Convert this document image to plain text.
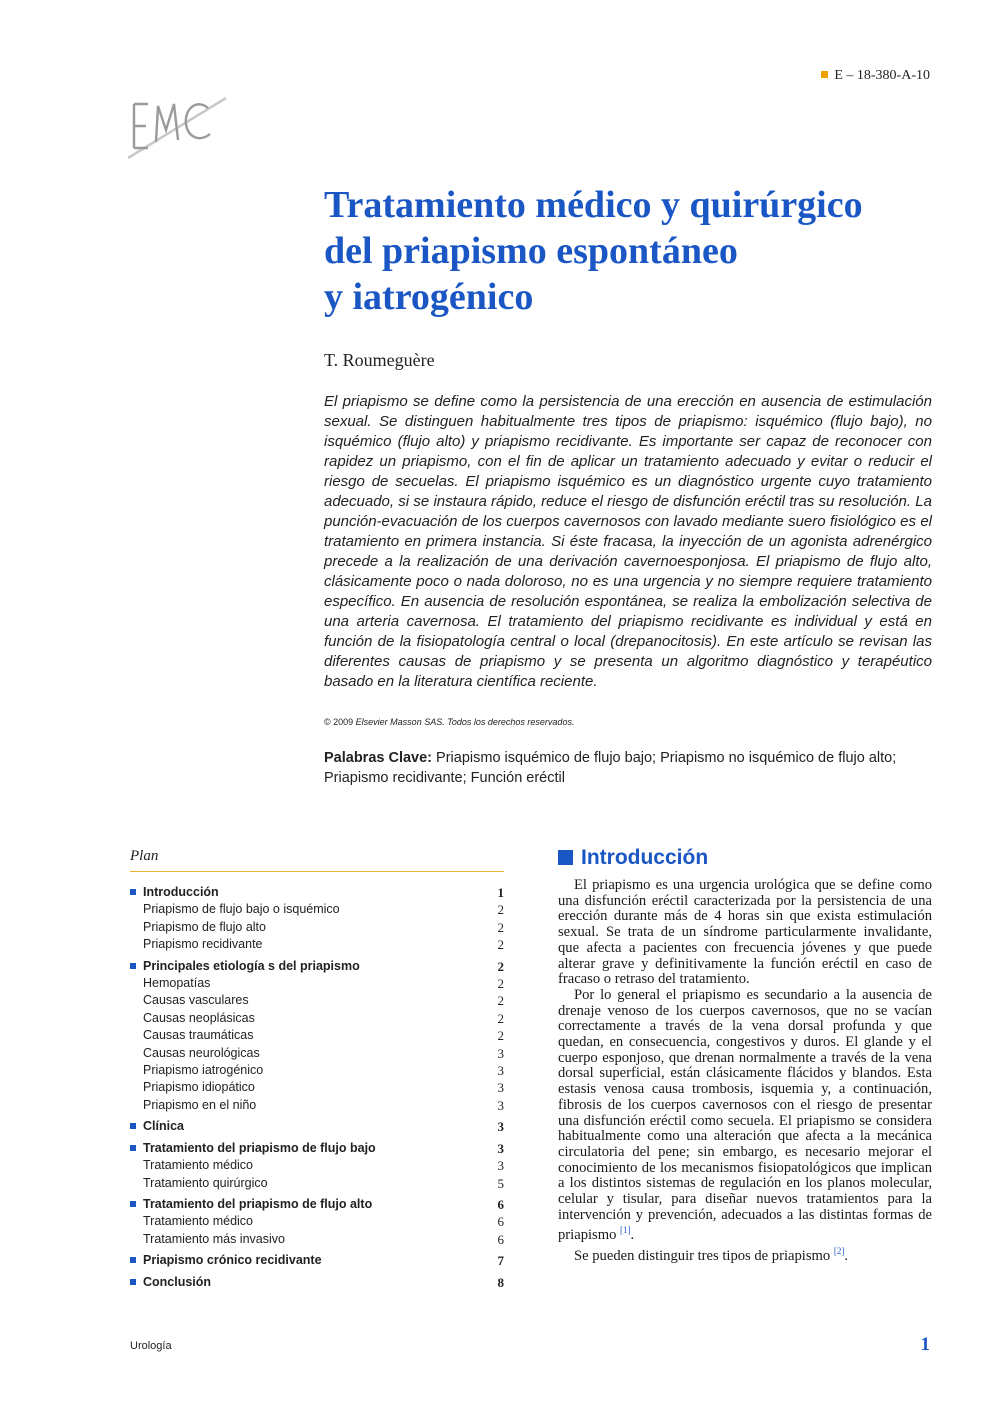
E – 18-380-A-10
Tratamiento médico y quirúrgico
del priapismo espontáneo
y iatrogénico
T. Roumeguère

El priapismo se define como la persistencia de una erección en ausencia de estimulación sexual. Se distinguen habitualmente tres tipos de priapismo: isquémico (flujo bajo), no isquémico (flujo alto) y priapismo recidivante. Es importante ser capaz de reconocer con rapidez un priapismo, con el fin de aplicar un tratamiento adecuado y evitar o reducir el riesgo de secuelas. El priapismo isquémico es un diagnóstico urgente cuyo tratamiento adecuado, si se instaura rápido, reduce el riesgo de disfunción eréctil tras su resolución. La punción-evacuación de los cuerpos cavernosos con lavado mediante suero fisiológico es el tratamiento en primera instancia. Si éste fracasa, la inyección de un agonista adrenérgico precede a la realización de una derivación cavernoesponjosa. El priapismo de flujo alto, clásicamente poco o nada doloroso, no es una urgencia y no siempre requiere tratamiento específico. En ausencia de resolución espontánea, se realiza la embolización selectiva de una arteria cavernosa. El tratamiento del priapismo recidivante es individual y está en función de la fisiopatología central o local (drepanocitosis). En este artículo se revisan las diferentes causas de priapismo y se presenta un algoritmo diagnóstico y terapéutico basado en la literatura científica reciente.

© 2009 Elsevier Masson SAS. Todos los derechos reservados.
Palabras Clave: Priapismo isquémico de flujo bajo; Priapismo no isquémico de flujo alto; Priapismo recidivante; Función eréctil
Plan
Introducción	1
Priapismo de flujo bajo o isquémico	2
Priapismo de flujo alto	2
Priapismo recidivante	2
Principales etiología s del priapismo	2
Hemopatías	2
Causas vasculares	2
Causas neoplásicas	2
Causas traumáticas	2
Causas neurológicas	3
Priapismo iatrogénico	3
Priapismo idiopático	3
Priapismo en el niño	3
Clínica	3
Tratamiento del priapismo de flujo bajo	3
Tratamiento médico	3
Tratamiento quirúrgico	5
Tratamiento del priapismo de flujo alto	6
Tratamiento médico	6
Tratamiento más invasivo	6
Priapismo crónico recidivante	7
Conclusión	8
Introducción

El priapismo es una urgencia urológica que se define como una disfunción eréctil caracterizada por la persistencia de una erección durante más de 4 horas sin que exista estimulación sexual. Se trata de un síndrome particularmente invalidante, que afecta a pacientes con frecuencia jóvenes y que puede alterar grave y definitivamente la función eréctil en caso de fracaso o retraso del tratamiento.

Por lo general el priapismo es secundario a la ausencia de drenaje venoso de los cuerpos cavernosos, que no se vacían correctamente a través de la vena dorsal profunda y que quedan, en consecuencia, congestivos y duros. El glande y el cuerpo esponjoso, que drenan normalmente a través de la vena dorsal superficial, están clásicamente flácidos y blandos. Esta estasis venosa causa trombosis, isquemia y, a continuación, fibrosis de los cuerpos cavernosos con el riesgo de presentar una disfunción eréctil como secuela. El priapismo se considera habitualmente como una alteración que afecta a la mecánica circulatoria del pene; sin embargo, es necesario mejorar el conocimiento de los mecanismos fisiopatológicos que implican a los distintos sistemas de regulación en los planos molecular, celular y tisular, para diseñar nuevos tratamientos para la intervención y prevención, adecuados a las distintas formas de priapismo [1].

Se pueden distinguir tres tipos de priapismo [2].

Urología	1
